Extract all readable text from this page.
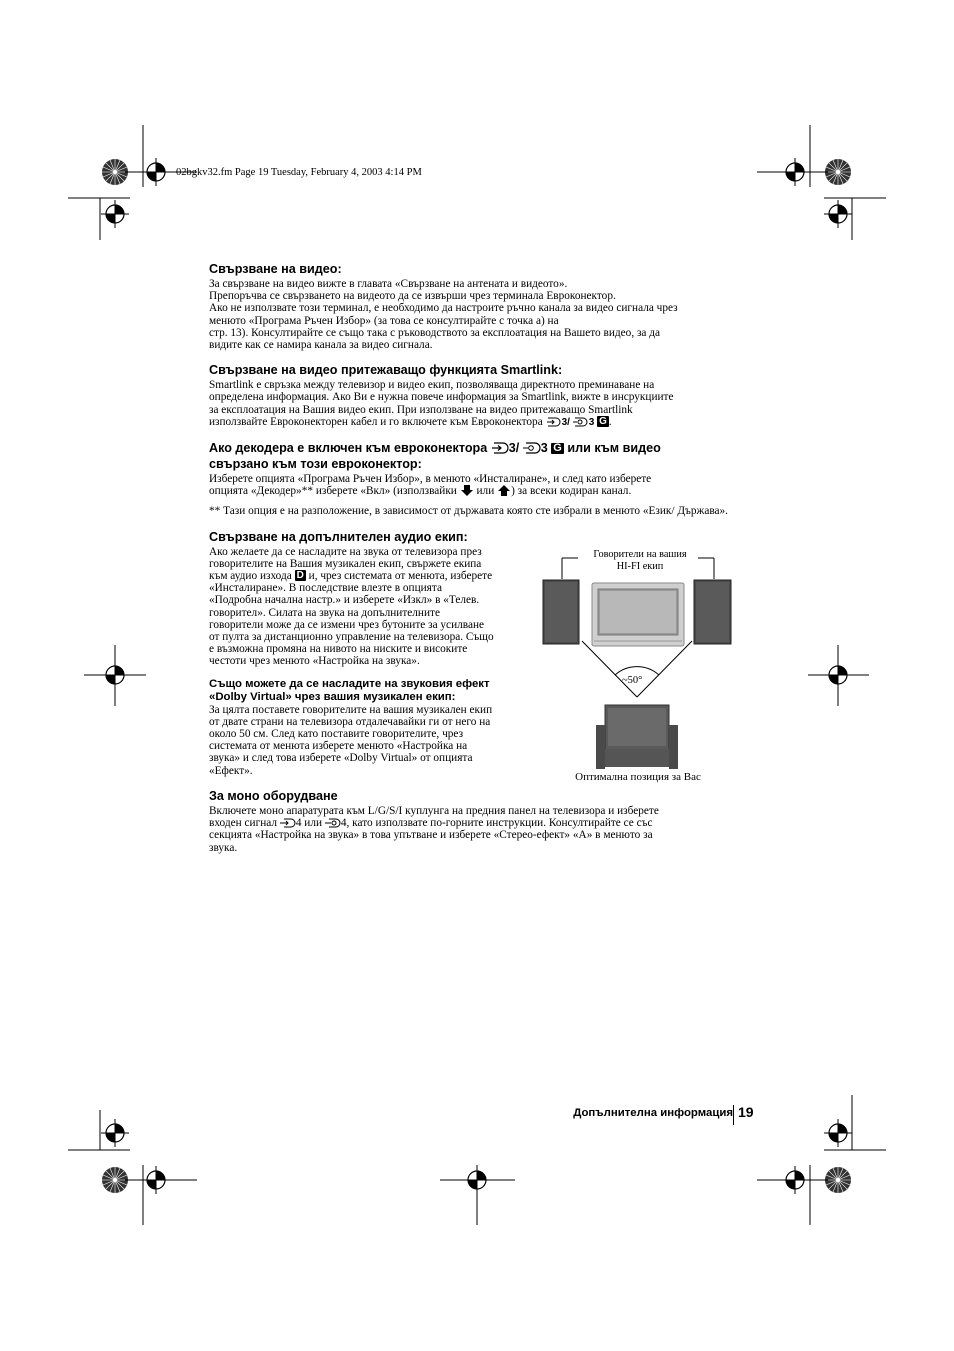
02bgkv32.fm Page 19 Tuesday, February 4, 2003 4:14 PM
Свързване на видео:

За свързване на видео вижте в главата «Свързване на антената и видеото».

Препоръчва се свързването на видеото да се извърши чрез терминала Евроконектор.

Ако не използвате този терминал, е необходимо да настроите ръчно канала за видео сигнала чрез

менюто «Програма Ръчен Избор» (за това се консултирайте с точка а) на

стр. 13). Консултирайте се също така с ръководството за експлоатация на Вашето видео, за да

видите как се намира канала за видео сигнала.

Свързване на видео притежаващо функцията Smartlink:

Smartlink е свръзка между телевизор и видео екип, позволяваща директното преминаване на

определена информация. Ако Ви е нужна повече информация за Smartlink, вижте в инсрукциите

за експлоатация на Вашия видео екип. При използване на видео притежаващо Smartlink

използвайте Евроконектoрен кабел и го включете към Евроконектора 3/ 3 G .

Ако декодера е включен към евроконектора 3/ 3 G или към видео
свързано към този евроконектор:

Изберете опцията «Програма Ръчен Избор», в менюто «Инсталиране», и след като изберете

опцията «Декодер»** изберете «Вкл» (използвайки или ) за всеки кодиран канал.

** Тази опция е на разположение, в зависимост от държавата която сте избрали в менюто «Език/ Държава».

Свързване на допълнителен аудио екип:

Ако желаете да се насладите на звука от телевизора през

говорителите на Вашия музикален екип, свържете екипа

към аудио изхода D и, чрез системата от менюта, изберете

«Инсталиране». В последствие влезте в опцията

«Подробна начална настр.» и изберете «Изкл» в «Телев.

говорител». Силата на звука на допълнителните

говорители може да се измени чрез бутоните за усилване

от пулта за дистанционно управление на телевизора. Също

е възможна промяна на нивото на ниските и високите

честоти чрез менюто «Настройка на звука».

Също можете да се насладите на звуковия ефект
«Dolby Virtual» чрез вашия музикален екип:

За цялта поставете говорителите на вашия музикален екип

от двате страни на телевизора отдалечавайки ги от него на

около 50 см. След като поставите говорителите, чрез

системата от менюта изберете менюто «Настройка на

звука» и след това изберете «Dolby Virtual» от опцията

«Ефект».

За моно оборудване

Включете моно апаратурата към L/G/S/I куплунга на предния панел на телевизора и изберете

входен сигнал 4 или 4, като използвате по-горните инструкции. Консултирайте се със

секцията «Настройка на звука» в това упътване и изберете «Стерео-ефект» «A» в менюто за

звука.

Говорители на вашия
HI-FI екип
~50°
Оптимална позиция за Вас
Допълнителна информация 19
